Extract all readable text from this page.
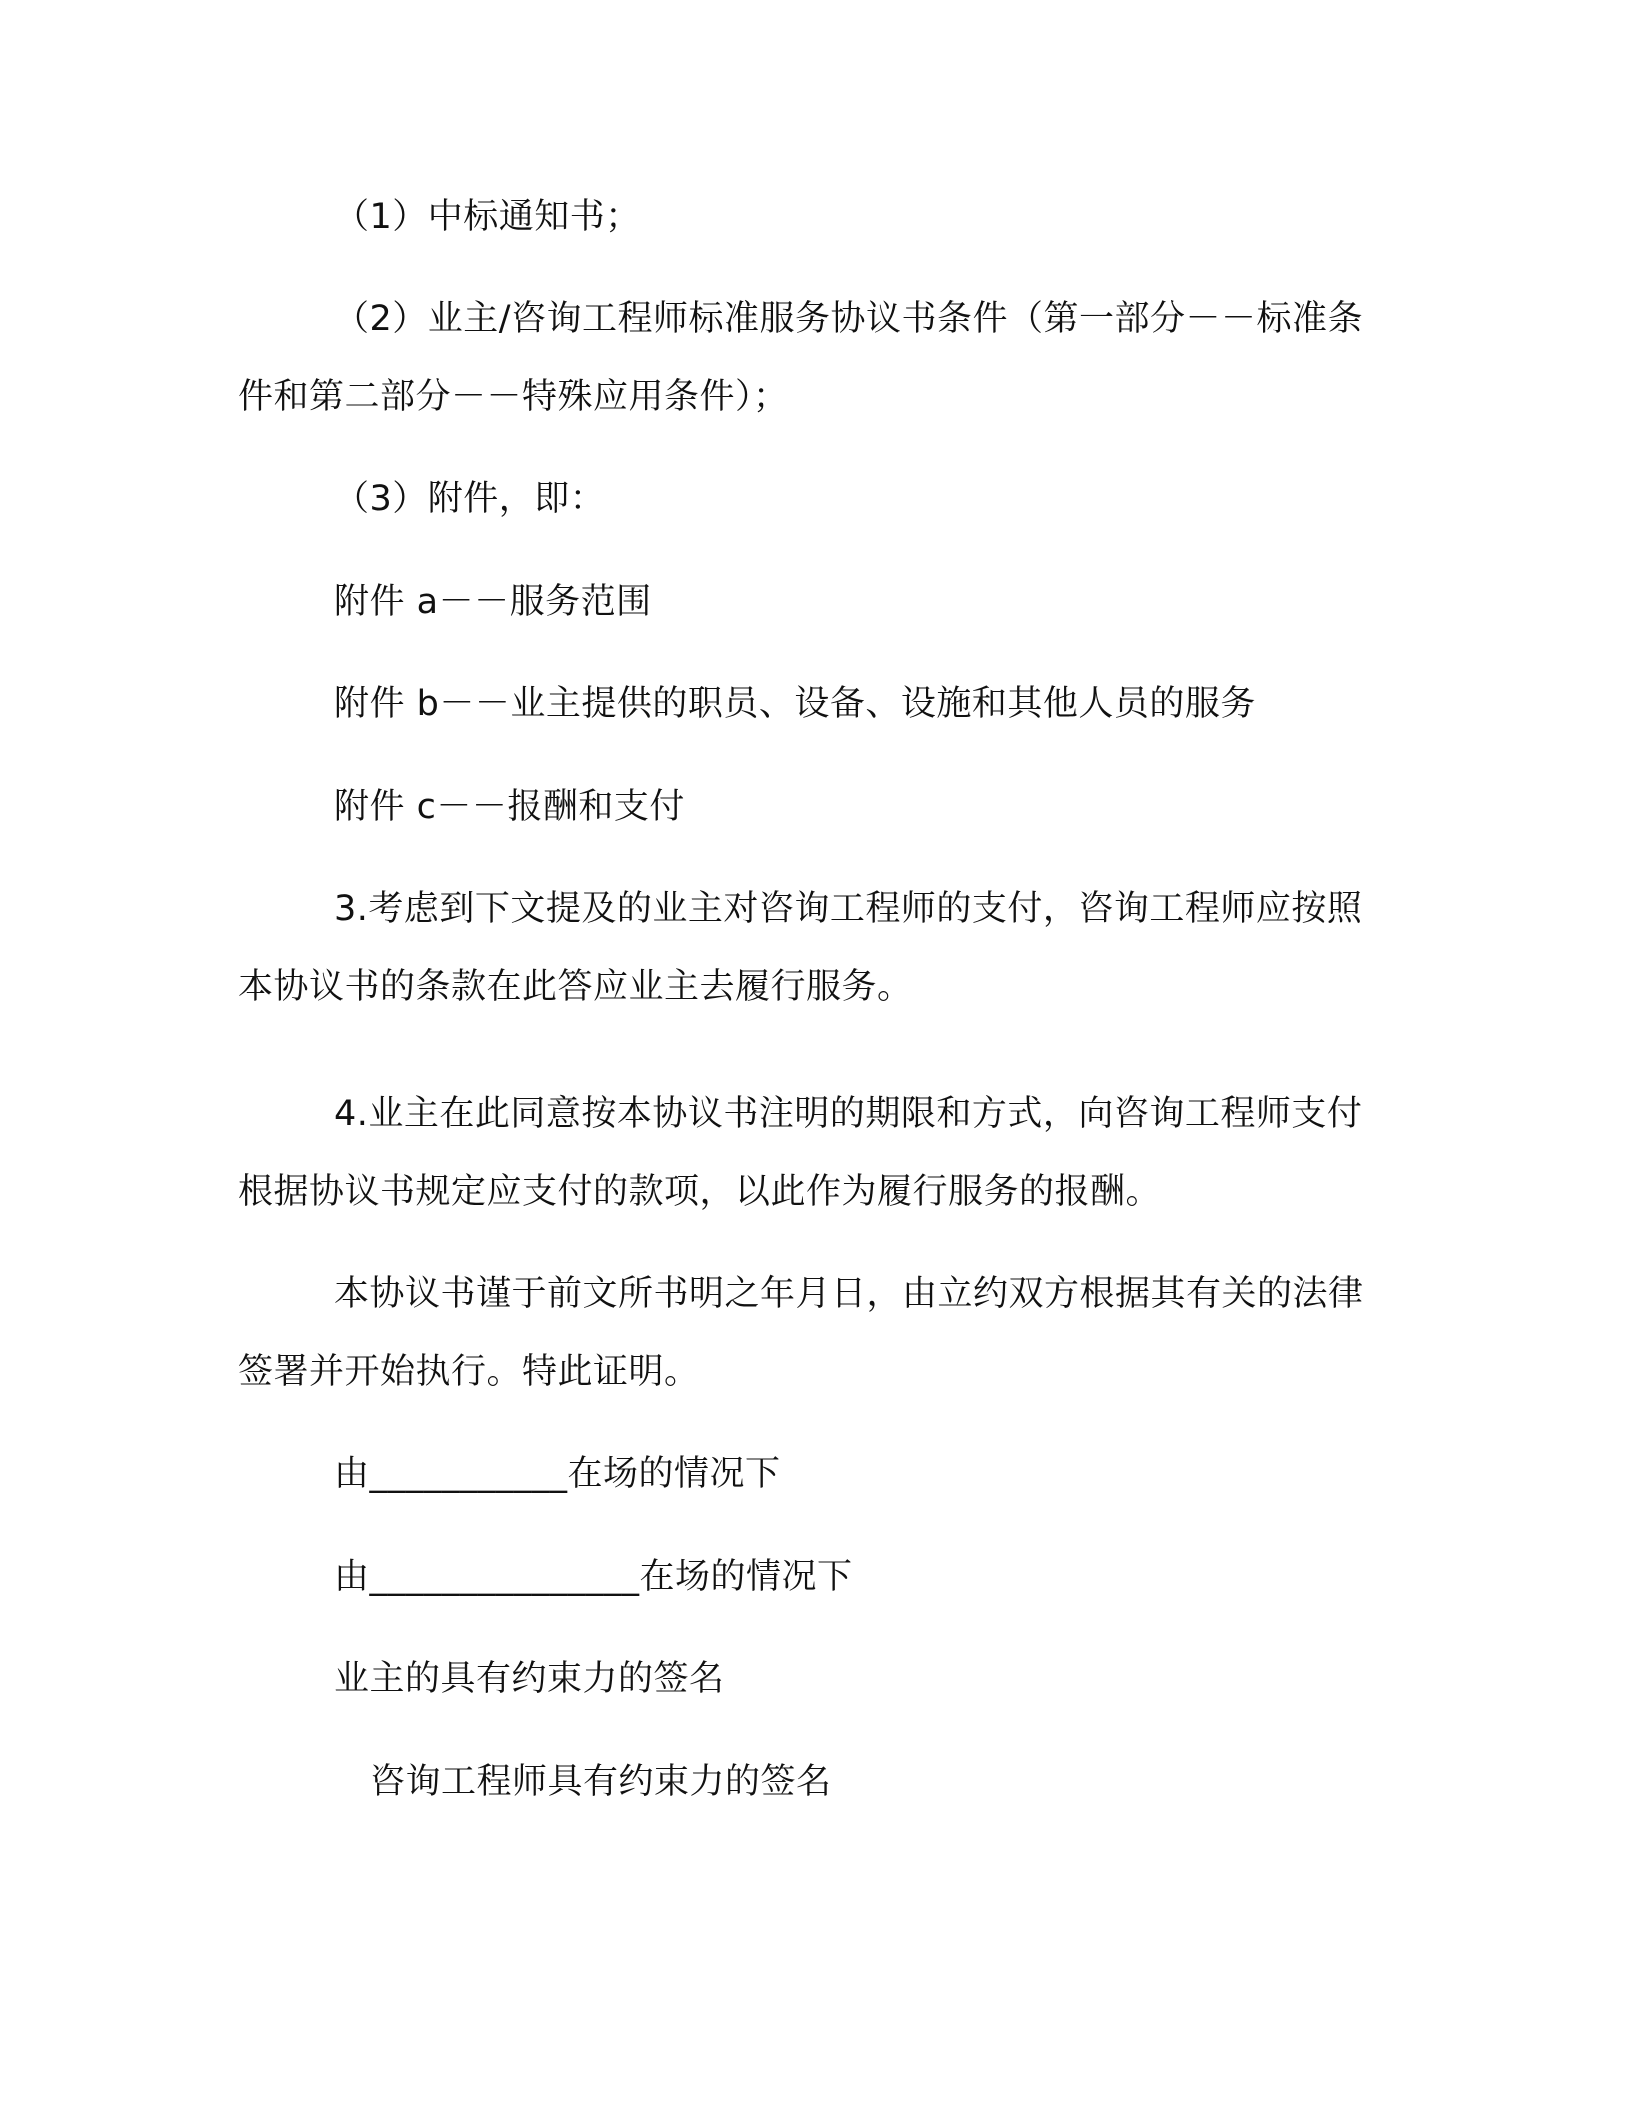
（1）中标通知书；
（2）业主/咨询工程师标准服务协议书条件（第一部分－－标准条件和第二部分－－特殊应用条件）；
（3）附件，即：
附件 a－－服务范围
附件 b－－业主提供的职员、设备、设施和其他人员的服务
附件 c－－报酬和支付
3.考虑到下文提及的业主对咨询工程师的支付，咨询工程师应按照本协议书的条款在此答应业主去履行服务。
4.业主在此同意按本协议书注明的期限和方式，向咨询工程师支付根据协议书规定应支付的款项，以此作为履行服务的报酬。
本协议书谨于前文所书明之年月日，由立约双方根据其有关的法律签署并开始执行。特此证明。
由___________在场的情况下
由_______________在场的情况下
业主的具有约束力的签名
咨询工程师具有约束力的签名
